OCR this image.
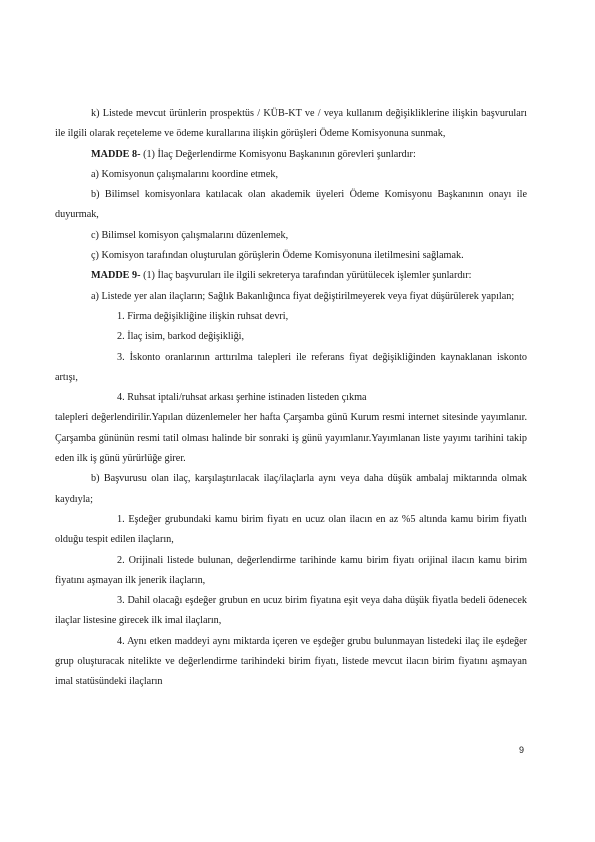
k) Listede mevcut ürünlerin prospektüs / KÜB-KT ve / veya kullanım değişikliklerine ilişkin başvuruları ile ilgili olarak reçeteleme ve ödeme kurallarına ilişkin görüşleri Ödeme Komisyonuna sunmak,

MADDE 8- (1) İlaç Değerlendirme Komisyonu Başkanının görevleri şunlardır:

a) Komisyonun çalışmalarını koordine etmek,

b) Bilimsel komisyonlara katılacak olan akademik üyeleri Ödeme Komisyonu Başkanının onayı ile duyurmak,

c) Bilimsel komisyon çalışmalarını düzenlemek,

ç) Komisyon tarafından oluşturulan görüşlerin Ödeme Komisyonuna iletilmesini sağlamak.

MADDE 9- (1) İlaç başvuruları ile ilgili sekreterya tarafından yürütülecek işlemler şunlardır:

a) Listede yer alan ilaçların; Sağlık Bakanlığınca fiyat değiştirilmeyerek veya fiyat düşürülerek yapılan;

1. Firma değişikliğine ilişkin ruhsat devri,

2. İlaç isim, barkod değişikliği,

3. İskonto oranlarının arttırılma talepleri ile referans fiyat değişikliğinden kaynaklanan iskonto artışı,

4. Ruhsat iptali/ruhsat arkası şerhine istinaden listeden çıkma

talepleri değerlendirilir.Yapılan düzenlemeler her hafta Çarşamba günü Kurum resmi internet sitesinde yayımlanır. Çarşamba gününün resmi tatil olması halinde bir sonraki iş günü yayımlanır.Yayımlanan liste yayımı tarihini takip eden ilk iş günü yürürlüğe girer.

b) Başvurusu olan ilaç, karşılaştırılacak ilaç/ilaçlarla aynı veya daha düşük ambalaj miktarında olmak kaydıyla;

1. Eşdeğer grubundaki kamu birim fiyatı en ucuz olan ilacın en az %5 altında kamu birim fiyatlı olduğu tespit edilen ilaçların,

2. Orijinali listede bulunan, değerlendirme tarihinde kamu birim fiyatı orijinal ilacın kamu birim fiyatını aşmayan ilk jenerik ilaçların,

3. Dahil olacağı eşdeğer grubun en ucuz birim fiyatına eşit veya daha düşük fiyatla bedeli ödenecek ilaçlar listesine girecek ilk imal ilaçların,

4. Aynı etken maddeyi aynı miktarda içeren ve eşdeğer grubu bulunmayan listedeki ilaç ile eşdeğer grup oluşturacak nitelikte ve değerlendirme tarihindeki birim fiyatı, listede mevcut ilacın birim fiyatını aşmayan imal statüsündeki ilaçların

9
